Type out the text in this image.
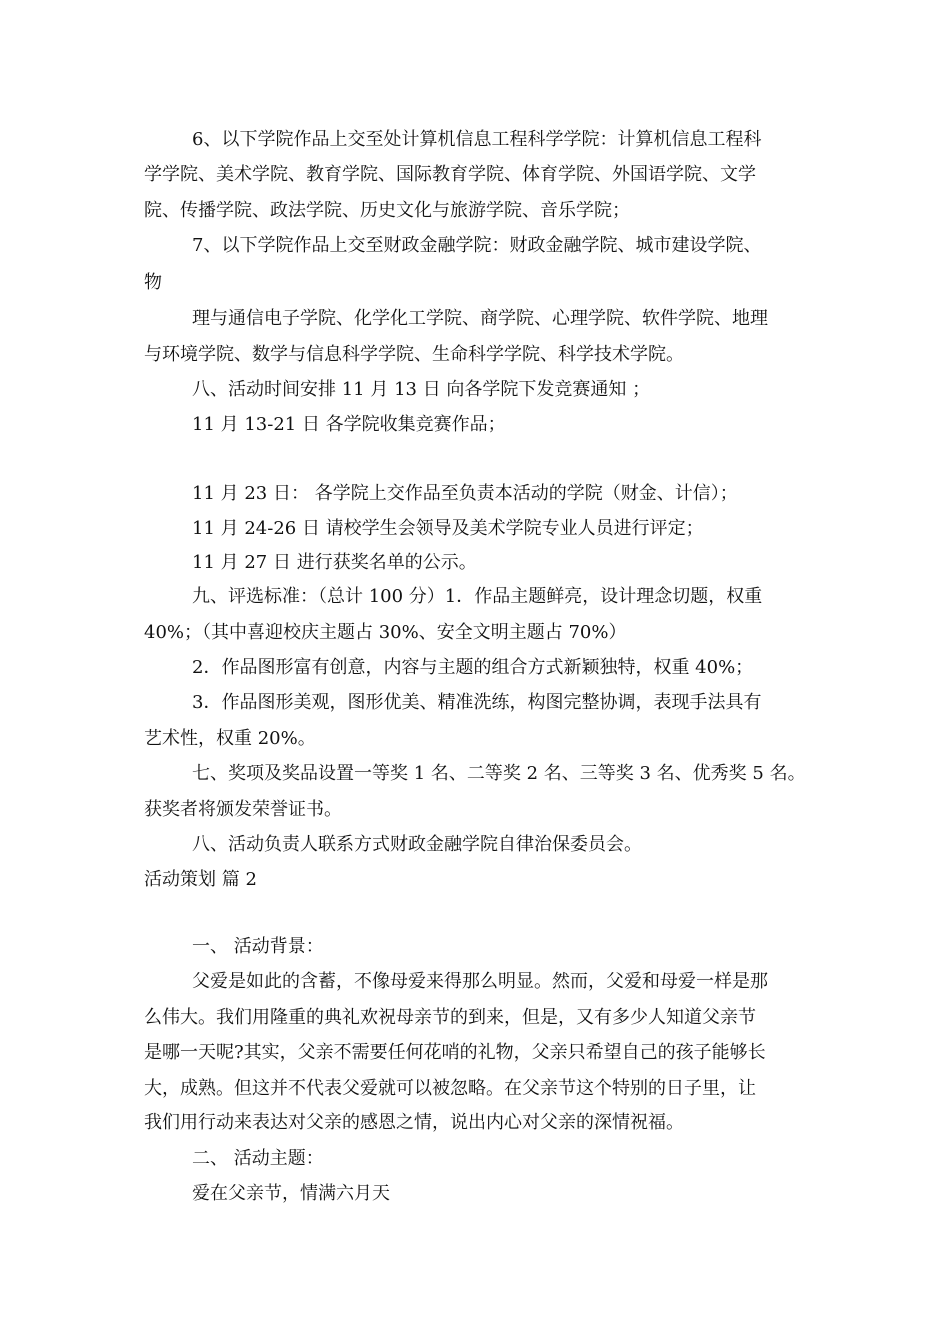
6、以下学院作品上交至处计算机信息工程科学学院：计算机信息工程科
学学院、美术学院、教育学院、国际教育学院、体育学院、外国语学院、文学
院、传播学院、政法学院、历史文化与旅游学院、音乐学院；
7、以下学院作品上交至财政金融学院：财政金融学院、城市建设学院、
物
理与通信电子学院、化学化工学院、商学院、心理学院、软件学院、地理
与环境学院、数学与信息科学学院、生命科学学院、科学技术学院。
八、活动时间安排 11 月 13 日 向各学院下发竞赛通知 ；
11 月 13-21 日 各学院收集竞赛作品；
11 月 23 日： 各学院上交作品至负责本活动的学院（财金、计信）；
11 月 24-26 日 请校学生会领导及美术学院专业人员进行评定；
11 月 27 日 进行获奖名单的公示。
九、评选标准：（总计 100 分）1．作品主题鲜亮，设计理念切题，权重
40%；（其中喜迎校庆主题占 30%、安全文明主题占 70%）
2．作品图形富有创意，内容与主题的组合方式新颖独特，权重 40%；
3．作品图形美观，图形优美、精准洗练，构图完整协调，表现手法具有
艺术性，权重 20%。
七、奖项及奖品设置一等奖 1 名、二等奖 2 名、三等奖 3 名、优秀奖 5 名。
获奖者将颁发荣誉证书。
八、活动负责人联系方式财政金融学院自律治保委员会。
活动策划 篇 2
一、 活动背景：
父爱是如此的含蓄，不像母爱来得那么明显。然而，父爱和母爱一样是那
么伟大。我们用隆重的典礼欢祝母亲节的到来，但是，又有多少人知道父亲节
是哪一天呢?其实，父亲不需要任何花哨的礼物，父亲只希望自己的孩子能够长
大，成熟。但这并不代表父爱就可以被忽略。在父亲节这个特别的日子里，让
我们用行动来表达对父亲的感恩之情，说出内心对父亲的深情祝福。
二、 活动主题：
爱在父亲节，情满六月天
